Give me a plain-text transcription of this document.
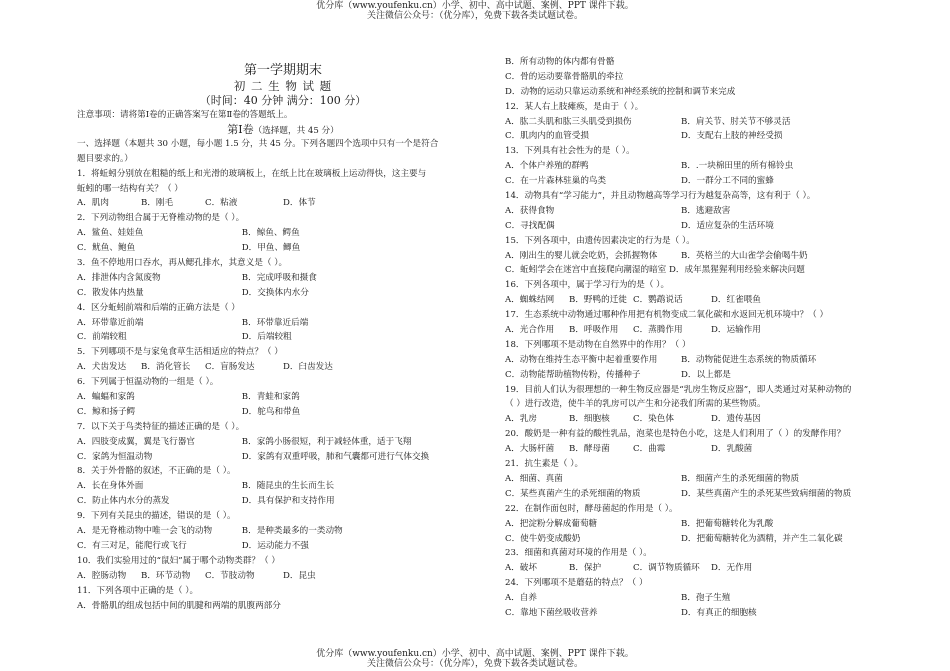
优分库（www.youfenku.cn）小学、初中、高中试题、案例、PPT 课件下载。
关注微信公众号：（优分库），免费下载各类试题试卷。
第一学期期末
初 二 生 物 试 题
（时间：40 分钟 满分：100 分）
注意事项：请将第Ⅰ卷的正确答案写在第Ⅱ卷的答题纸上。
第Ⅰ卷（选择题，共 45 分）
一、选择题（本题共 30 小题，每小题 1.5 分，共 45 分。下列各题四个选项中只有一个是符合
题目要求的。）
1．将蚯蚓分别放在粗糙的纸上和光滑的玻璃板上，在纸上比在玻璃板上运动得快，这主要与
蚯蚓的哪一结构有关？（ ）
A．肌肉	B．刚毛	C．粘液	D．体节
2．下列动物组合属于无脊椎动物的是（ ）。
A．鲨鱼、娃娃鱼	B．鲸鱼、鳄鱼
C．鱿鱼、鲍鱼	D．甲鱼、鲫鱼
3．鱼不停地用口吞水，再从鳃孔排水，其意义是（ ）。
A．排泄体内含氮废物	B．完成呼吸和摄食
C．散发体内热量	D．交换体内水分
4．区分蚯蚓前端和后端的正确方法是（ ）
A．环带靠近前端	B．环带靠近后端
C．前端较粗	D．后端较粗
5．下列哪项不是与家兔食草生活相适应的特点？（ ）
A．犬齿发达	B．消化管长	C．盲肠发达	D．臼齿发达
6．下列属于恒温动物的一组是（ ）。
A．蝙蝠和家鸽	B．青蛙和家鸽
C．鲸和扬子鳄	D．鸵鸟和带鱼
7．以下关于鸟类特征的描述正确的是（ ）。
A．四肢变成翼，翼是飞行器官	B．家鸽小肠很短，利于减轻体重，适于飞翔
C．家鸽为恒温动物	D．家鸽有双重呼吸，肺和气囊都可进行气体交换
8．关于外骨骼的叙述，不正确的是（ ）。
A．长在身体外面	B．随昆虫的生长而生长
C．防止体内水分的蒸发	D．具有保护和支持作用
9．下列有关昆虫的描述，错误的是（ ）。
A．是无脊椎动物中唯一会飞的动物	B．是种类最多的一类动物
C．有三对足，能爬行或飞行	D．运动能力不强
10．我们实验用过的“鼠妇”属于哪个动物类群？（ ）
A．腔肠动物	B．环节动物	C．节肢动物	D．昆虫
11．下列各项中正确的是（ ）。
A．骨骼肌的组成包括中间的肌腱和两端的肌腹两部分
B．所有动物的体内都有骨骼
C．骨的运动要靠骨骼肌的牵拉
D．动物的运动只靠运动系统和神经系统的控制和调节来完成
12．某人右上肢瘫痪，是由于（ ）。
A．肱二头肌和肱三头肌受到损伤	B．肩关节、肘关节不够灵活
C．肌肉内的血管受损	D．支配右上肢的神经受损
13．下列具有社会性为的是（ ）。
A．个体户养殖的群鸭	B．.一块棉田里的所有棉铃虫
C．在一片森林驻巢的鸟类	D．一群分工不同的蜜蜂
14．动物具有“学习能力”，并且动物越高等学习行为越复杂高等，这有利于（ ）。
A．获得食物	B．逃避敌害
C．寻找配偶	D．适应复杂的生活环境
15．下列各项中，由遗传因素决定的行为是（ ）。
A．刚出生的婴儿就会吃奶，会抓握物体	B．英格兰的大山雀学会偷喝牛奶
C．蚯蚓学会在迷宫中直接爬向潮湿的暗室 D．成年黑猩猩利用经验来解决问题
16．下列各项中，属于学习行为的是（ ）。
A．蜘蛛结网	B．野鸭的迁徙 C．鹦鹉说话	D．红雀喂鱼
17．生态系统中动物通过哪种作用把有机物变成二氧化碳和水返回无机环境中？（ ）
A．光合作用	B．呼吸作用	C．蒸腾作用	D．运输作用
18．下列哪项不是动物在自然界中的作用？（ ）
A．动物在维持生态平衡中起着重要作用	B．动物能促进生态系统的物质循环
C．动物能帮助植物传粉，传播种子	D．以上都是
19．目前人们认为很理想的一种生物反应器是“乳房生物反应器”，即人类通过对某种动物的
（ ）进行改造，使牛羊的乳房可以产生和分泌我们所需的某些物质。
A．乳房	B．细胞核	C．染色体	D．遗传基因
20．酸奶是一种有益的酸性乳品，泡菜也是特色小吃，这是人们利用了（ ）的发酵作用？
A．大肠杆菌	B．酵母菌	C．曲霉	D．乳酸菌
21．抗生素是（ ）。
A．细菌、真菌	B．细菌产生的杀死细菌的物质
C．某些真菌产生的杀死细菌的物质	D．某些真菌产生的杀死某些致病细菌的物质
22．在制作面包时，酵母菌起的作用是（ ）。
A．把淀粉分解成葡萄糖	B．把葡萄糖转化为乳酸
C．使牛奶变成酸奶	D．把葡萄糖转化为酒精，并产生二氧化碳
23．细菌和真菌对环境的作用是（ ）。
A．破坏	B．保护	C．调节物质循环	D．无作用
24．下列哪项不是蘑菇的特点？（ ）
A．自养	B．孢子生殖
C．靠地下菌丝吸收营养	D．有真正的细胞核
优分库（www.youfenku.cn）小学、初中、高中试题、案例、PPT 课件下载。
关注微信公众号：（优分库），免费下载各类试题试卷。
